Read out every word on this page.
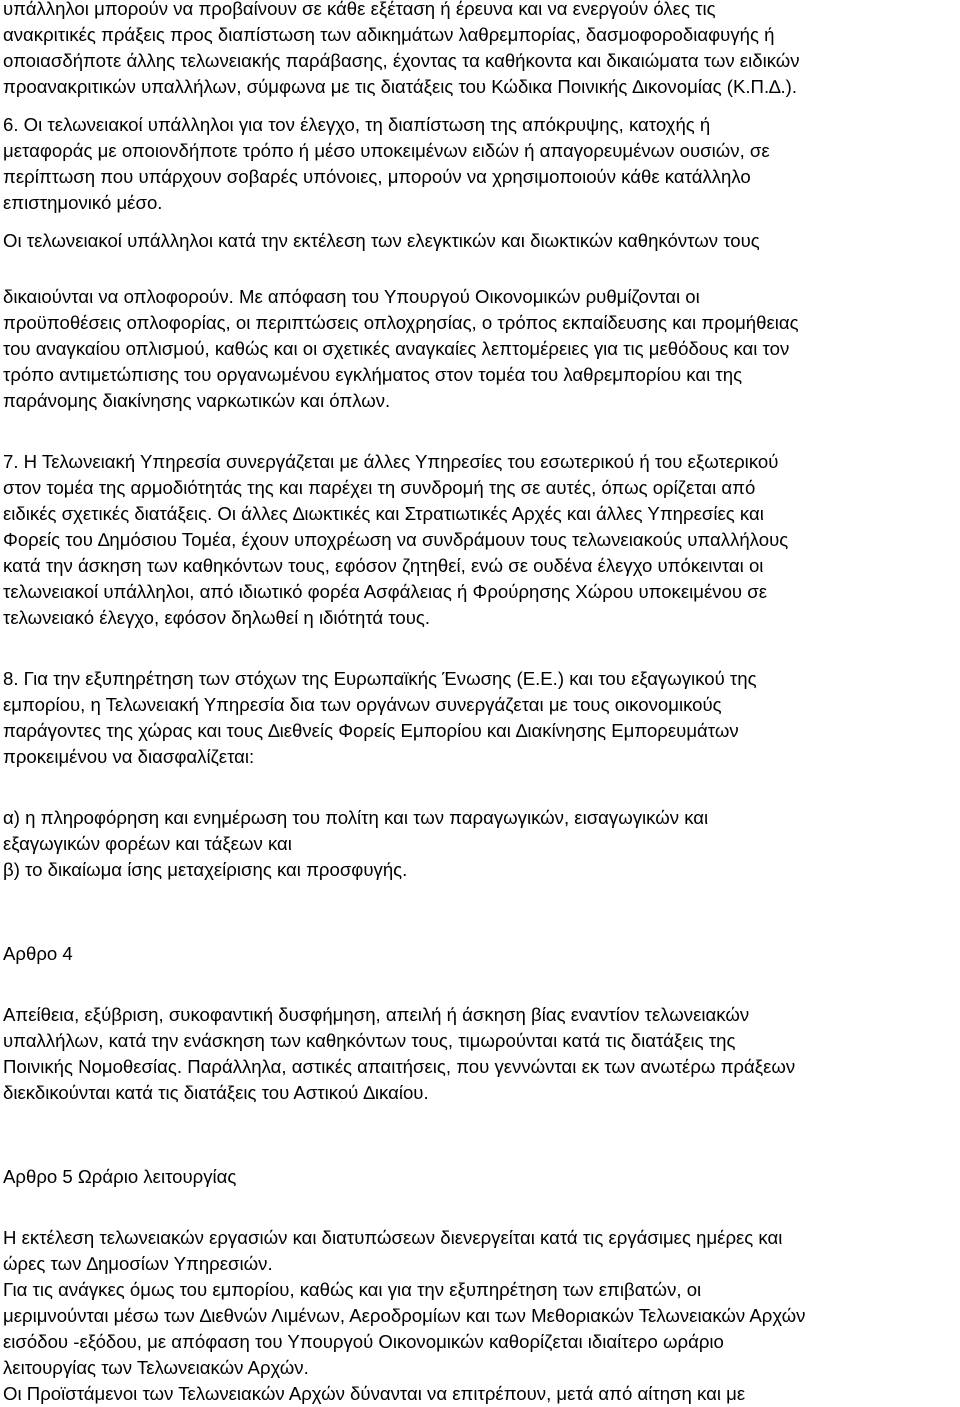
υπάλληλοι μπορούν να προβαίνουν σε κάθε εξέταση ή έρευνα και να ενεργούν όλες τις
ανακριτικές πράξεις προς διαπίστωση των αδικημάτων λαθρεμπορίας, δασμοφοροδιαφυγής ή
οποιασδήποτε άλλης τελωνειακής παράβασης, έχοντας τα καθήκοντα και δικαιώματα των ειδικών
προανακριτικών υπαλλήλων, σύμφωνα με τις διατάξεις του Κώδικα Ποινικής ∆ικονομίας (Κ.Π.∆.).
6. Οι τελωνειακοί υπάλληλοι για τον έλεγχο, τη διαπίστωση της απόκρυψης, κατοχής ή
μεταφοράς με οποιονδήποτε τρόπο ή μέσο υποκειμένων ειδών ή απαγορευμένων ουσιών, σε
περίπτωση που υπάρχουν σοβαρές υπόνοιες, μπορούν να χρησιμοποιούν κάθε κατάλληλο
επιστημονικό μέσο.
Οι τελωνειακοί υπάλληλοι κατά την εκτέλεση των ελεγκτικών και διωκτικών καθηκόντων τους
δικαιούνται να οπλοφορούν. Με απόφαση του Υπουργού Οικονομικών ρυθμίζονται οι
προϋποθέσεις οπλοφορίας, οι περιπτώσεις οπλοχρησίας, ο τρόπος εκπαίδευσης και προμήθειας
του αναγκαίου οπλισμού, καθώς και οι σχετικές αναγκαίες λεπτομέρειες για τις μεθόδους και τον
τρόπο αντιμετώπισης του οργανωμένου εγκλήματος στον τομέα του λαθρεμπορίου και της
παράνομης διακίνησης ναρκωτικών και όπλων.
7. Η Τελωνειακή Υπηρεσία συνεργάζεται με άλλες Υπηρεσίες του εσωτερικού ή του εξωτερικού
στον τομέα της αρμοδιότητάς της και παρέχει τη συνδρομή της σε αυτές, όπως ορίζεται από
ειδικές σχετικές διατάξεις. Οι άλλες ∆ιωκτικές και Στρατιωτικές Αρχές και άλλες Υπηρεσίες και
Φορείς του ∆ημόσιου Τομέα, έχουν υποχρέωση να συνδράμουν τους τελωνειακούς υπαλλήλους
κατά την άσκηση των καθηκόντων τους, εφόσον ζητηθεί, ενώ σε ουδένα έλεγχο υπόκεινται οι
τελωνειακοί υπάλληλοι, από ιδιωτικό φορέα Ασφάλειας ή Φρούρησης Χώρου υποκειμένου σε
τελωνειακό έλεγχο, εφόσον δηλωθεί η ιδιότητά τους.
8. Για την εξυπηρέτηση των στόχων της Ευρωπαϊκής Ένωσης (Ε.Ε.) και του εξαγωγικού της
εμπορίου, η Τελωνειακή Υπηρεσία δια των οργάνων συνεργάζεται με τους οικονομικούς
παράγοντες της χώρας και τους ∆ιεθνείς Φορείς Εμπορίου και ∆ιακίνησης Εμπορευμάτων
προκειμένου να διασφαλίζεται:
α) η πληροφόρηση και ενημέρωση του πολίτη και των παραγωγικών, εισαγωγικών και
εξαγωγικών φορέων και τάξεων και
β) το δικαίωμα ίσης μεταχείρισης και προσφυγής.
Αρθρο 4
Απείθεια, εξύβριση, συκοφαντική δυσφήμηση, απειλή ή άσκηση βίας εναντίον τελωνειακών
υπαλλήλων, κατά την ενάσκηση των καθηκόντων τους, τιμωρούνται κατά τις διατάξεις της
Ποινικής Νομοθεσίας. Παράλληλα, αστικές απαιτήσεις, που γεννώνται εκ των ανωτέρω πράξεων
διεκδικούνται κατά τις διατάξεις του Αστικού ∆ικαίου.
Αρθρο 5 Ωράριο λειτουργίας
Η εκτέλεση τελωνειακών εργασιών και διατυπώσεων διενεργείται κατά τις εργάσιμες ημέρες και
ώρες των ∆ημοσίων Υπηρεσιών.
Για τις ανάγκες όμως του εμπορίου, καθώς και για την εξυπηρέτηση των επιβατών, οι
μεριμνούνται μέσω των ∆ιεθνών Λιμένων, Αεροδρομίων και των Μεθοριακών Τελωνειακών Αρχών
εισόδου -εξόδου, με απόφαση του Υπουργού Οικονομικών καθορίζεται ιδιαίτερο ωράριο
λειτουργίας των Τελωνειακών Αρχών.
Οι Προϊστάμενοι των Τελωνειακών Αρχών δύνανται να επιτρέπουν, μετά από αίτηση και με
